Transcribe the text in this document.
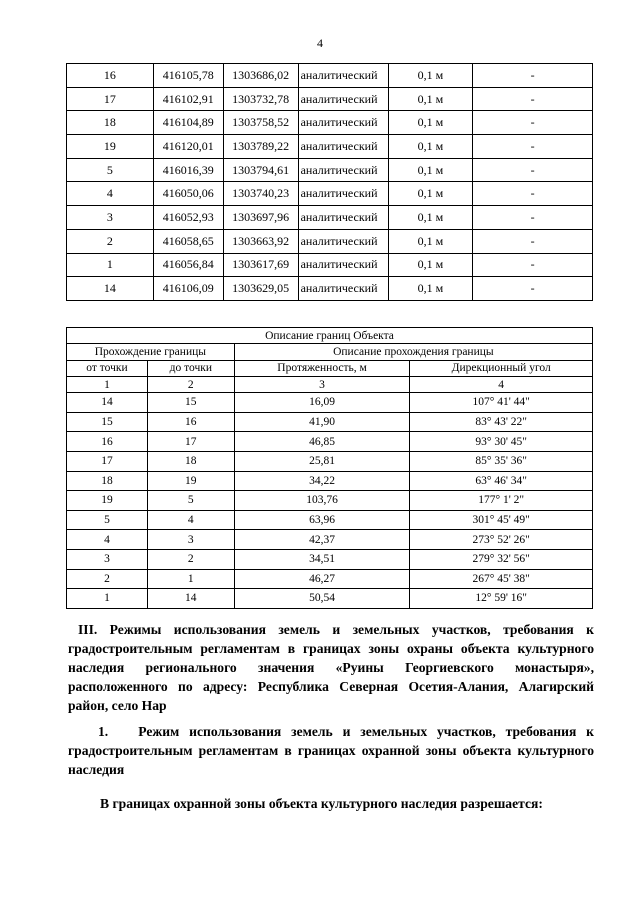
4
16	416105,78	1303686,02	аналитический	0,1 м	-
17	416102,91	1303732,78	аналитический	0,1 м	-
18	416104,89	1303758,52	аналитический	0,1 м	-
19	416120,01	1303789,22	аналитический	0,1 м	-
5	416016,39	1303794,61	аналитический	0,1 м	-
4	416050,06	1303740,23	аналитический	0,1 м	-
3	416052,93	1303697,96	аналитический	0,1 м	-
2	416058,65	1303663,92	аналитический	0,1 м	-
1	416056,84	1303617,69	аналитический	0,1 м	-
14	416106,09	1303629,05	аналитический	0,1 м	-
Описание границ Объекта			
Прохождение границы		Описание прохождения границы	
от точки	до точки	Протяженность, м	Дирекционный угол
1	2	3	4
14	15	16,09	107° 41' 44"
15	16	41,90	83° 43' 22"
16	17	46,85	93° 30' 45"
17	18	25,81	85° 35' 36"
18	19	34,22	63° 46' 34"
19	5	103,76	177° 1' 2"
5	4	63,96	301° 45' 49"
4	3	42,37	273° 52' 26"
3	2	34,51	279° 32' 56"
2	1	46,27	267° 45' 38"
1	14	50,54	12° 59' 16"

III. Режимы использования земель и земельных участков, требования к градостроительным регламентам в границах зоны охраны объекта культурного наследия регионального значения «Руины Георгиевского монастыря», расположенного по адресу: Республика Северная Осетия-Алания, Алагирский район, село Нар

1. Режим использования земель и земельных участков, требования к градостроительным регламентам в границах охранной зоны объекта культурного наследия

В границах охранной зоны объекта культурного наследия разрешается:
